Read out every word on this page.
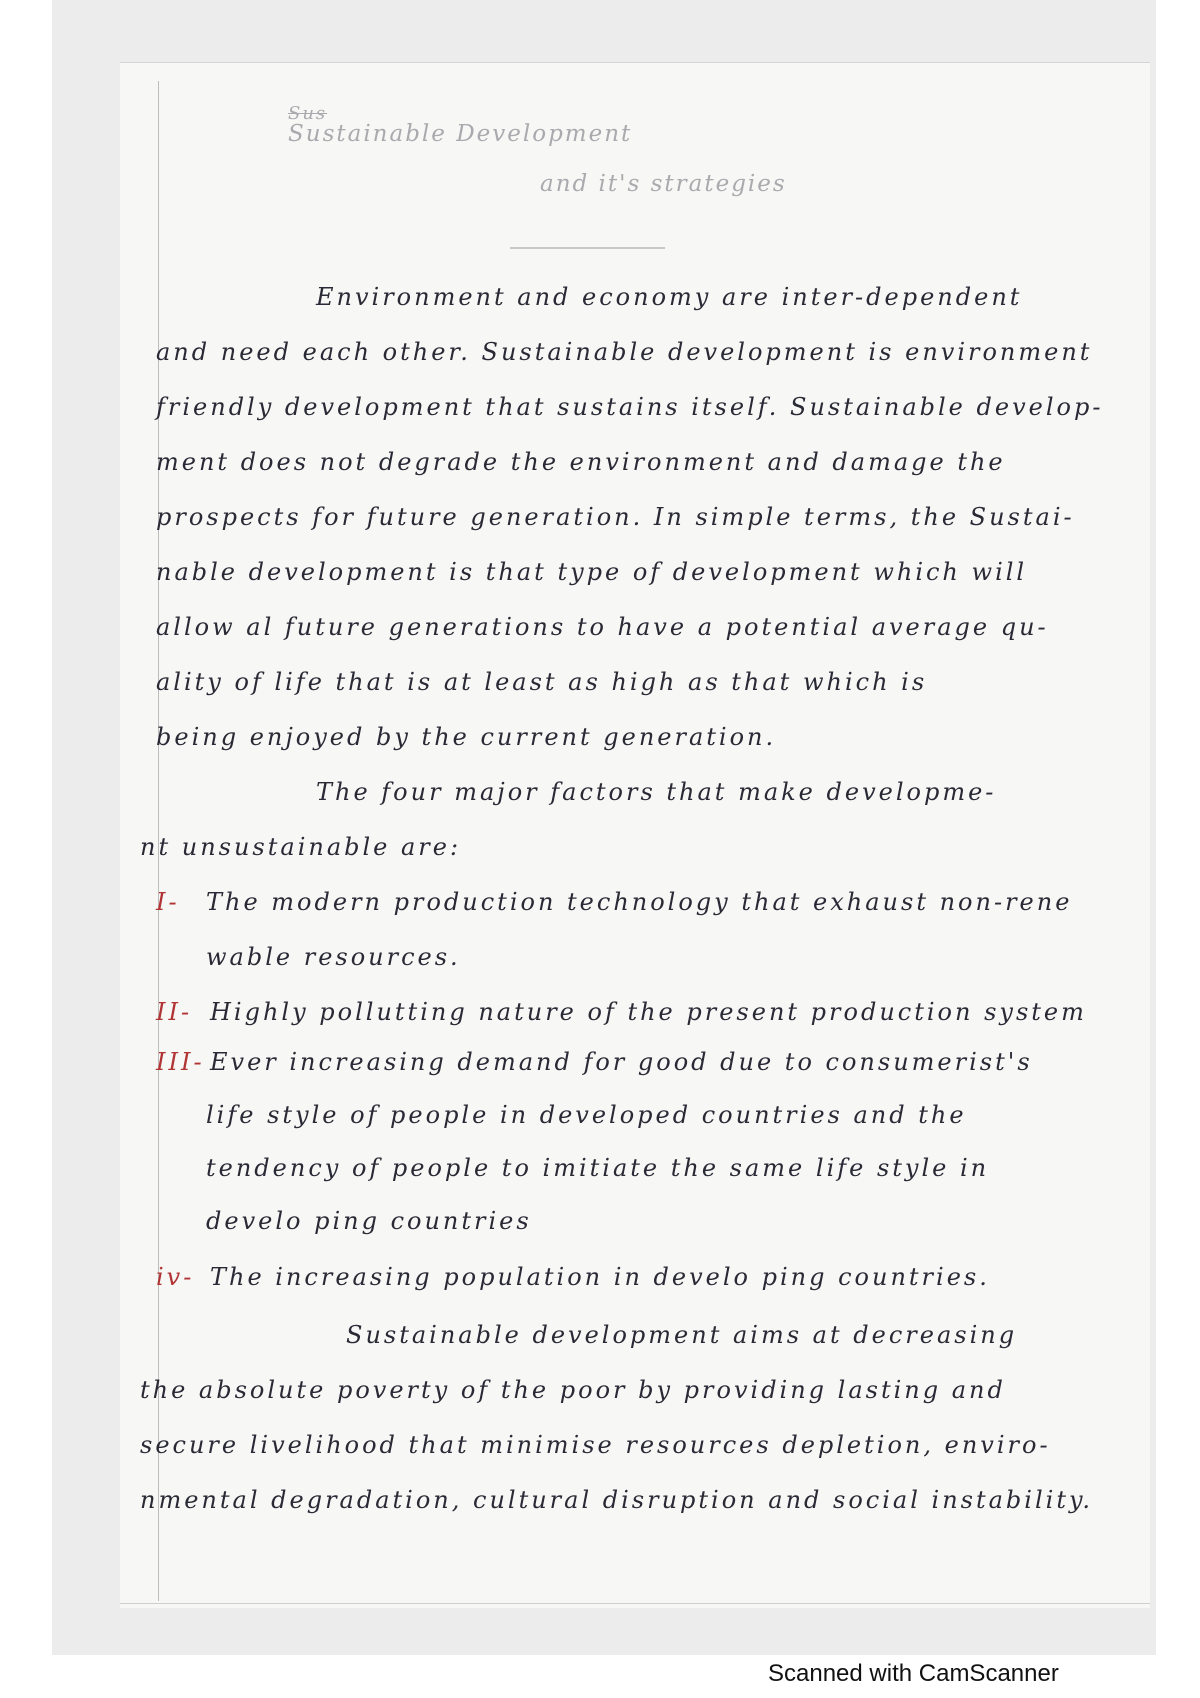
Sus
Sustainable Development
and it's strategies
Environment and economy are inter-dependent
and need each other. Sustainable development is environment
friendly development that sustains itself. Sustainable develop-
ment does not degrade the environment and damage the
prospects for future generation. In simple terms, the Sustai-
nable development is that type of development which will
allow al future generations to have a potential average qu-
ality of life that is at least as high as that which is
being enjoyed by the current generation.
The four major factors that make developme-
nt unsustainable are:
I- The modern production technology that exhaust non-rene
wable resources.
II- Highly pollutting nature of the present production system
III- Ever increasing demand for good due to consumerist's
life style of people in developed countries and the
tendency of people to imitiate the same life style in
develo ping countries
iv- The increasing population in develo ping countries.
Sustainable development aims at decreasing
the absolute poverty of the poor by providing lasting and
secure livelihood that minimise resources depletion, enviro-
nmental degradation, cultural disruption and social instability.
Scanned with CamScanner
